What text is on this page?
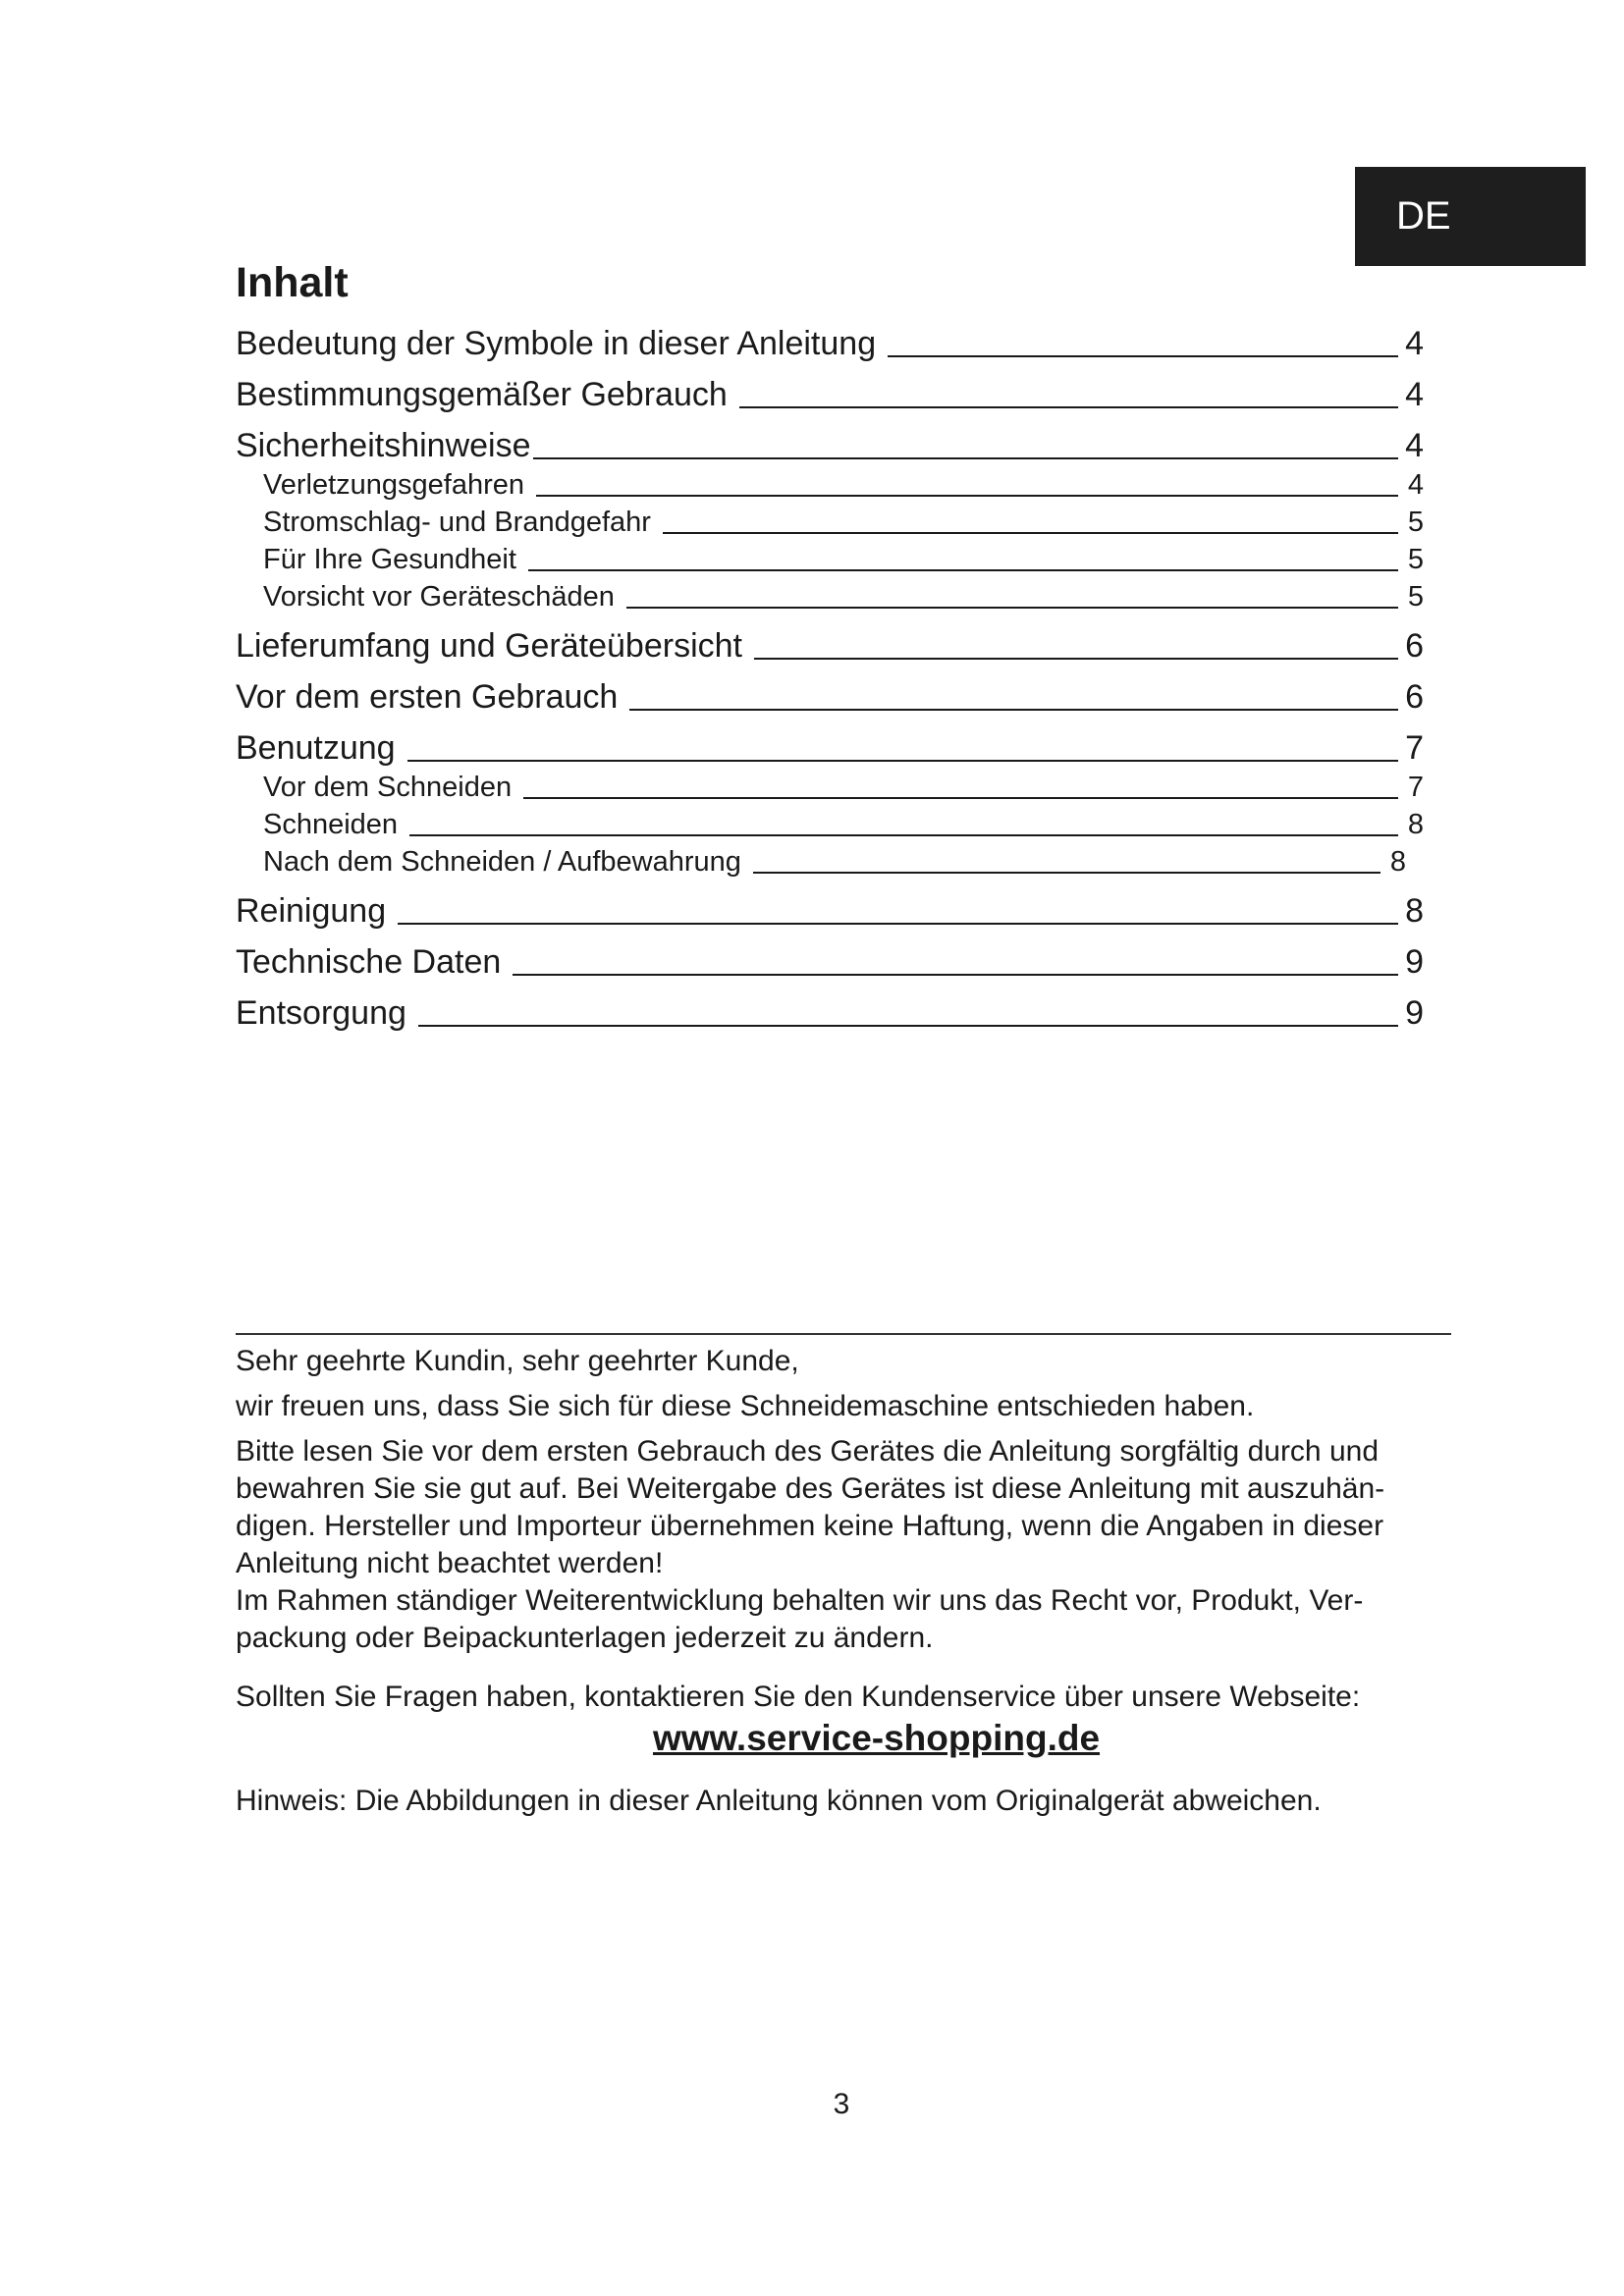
DE
Inhalt
Bedeutung der Symbole in dieser Anleitung	4
Bestimmungsgemäßer Gebrauch	4
Sicherheitshinweise	4
Verletzungsgefahren	4
Stromschlag- und Brandgefahr	5
Für Ihre Gesundheit	5
Vorsicht vor Geräteschäden	5
Lieferumfang und Geräteübersicht	6
Vor dem ersten Gebrauch	6
Benutzung	7
Vor dem Schneiden	7
Schneiden	8
Nach dem Schneiden / Aufbewahrung	8
Reinigung	8
Technische Daten	9
Entsorgung	9

Sehr geehrte Kundin, sehr geehrter Kunde,

wir freuen uns, dass Sie sich für diese Schneidemaschine entschieden haben.

Bitte lesen Sie vor dem ersten Gebrauch des Gerätes die Anleitung sorgfältig durch und bewahren Sie sie gut auf. Bei Weitergabe des Gerätes ist diese Anleitung mit auszuhän-digen. Hersteller und Importeur übernehmen keine Haftung, wenn die Angaben in dieser Anleitung nicht beachtet werden!

Im Rahmen ständiger Weiterentwicklung behalten wir uns das Recht vor, Produkt, Ver-packung oder Beipackunterlagen jederzeit zu ändern.

Sollten Sie Fragen haben, kontaktieren Sie den Kundenservice über unsere Webseite:

www.service-shopping.de

Hinweis: Die Abbildungen in dieser Anleitung können vom Originalgerät abweichen.

3
